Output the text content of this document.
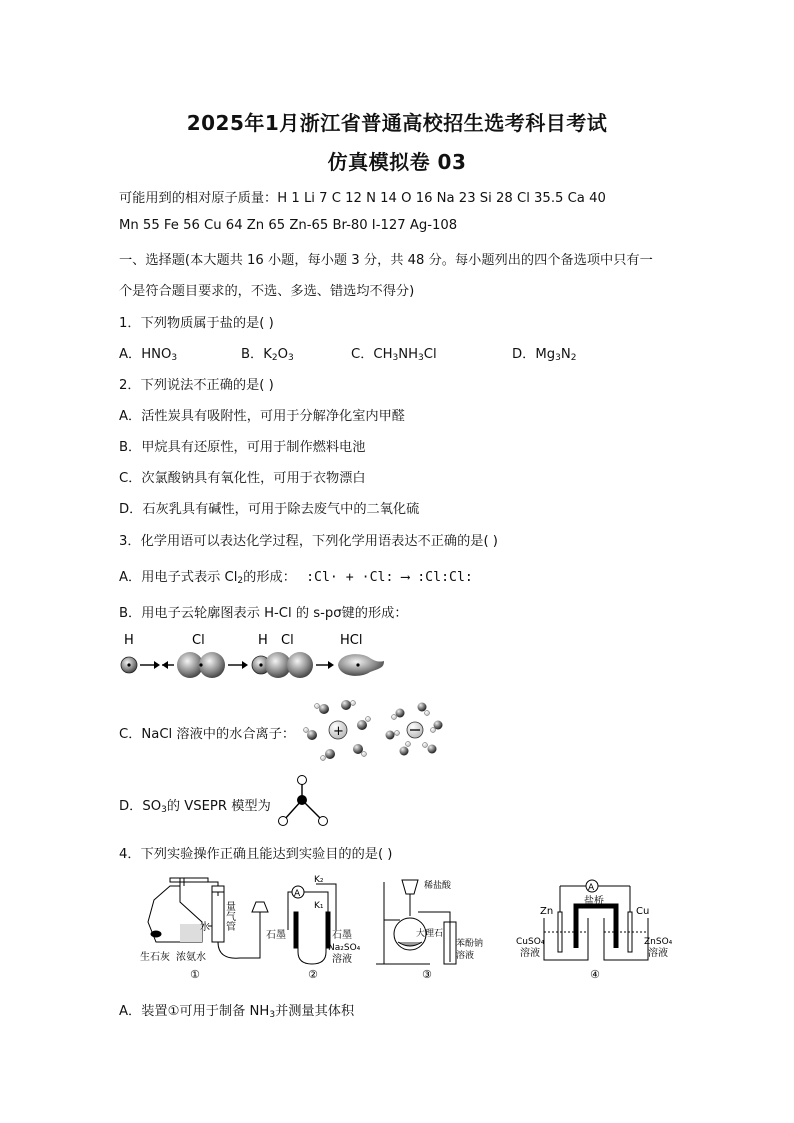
2025年1月浙江省普通高校招生选考科目考试
仿真模拟卷 03
可能用到的相对原子质量：H 1 Li 7 C 12 N 14 O 16 Na 23 Si 28 Cl 35.5 Ca 40
Mn 55 Fe 56 Cu 64 Zn 65 Zn-65 Br-80 I-127 Ag-108
一、选择题(本大题共 16 小题，每小题 3 分，共 48 分。每小题列出的四个备选项中只有一
个是符合题目要求的，不选、多选、错选均不得分)
1．下列物质属于盐的是( )
A．$HNO_3$	B．$K_2O_3$	C．$CH_3NH_3Cl$	D．$Mg_3N_2$
2．下列说法不正确的是( )
A．活性炭具有吸附性，可用于分解净化室内甲醛
B．甲烷具有还原性，可用于制作燃料电池
C．次氯酸钠具有氧化性，可用于衣物漂白
D．石灰乳具有碱性，可用于除去废气中的二氧化硫
3．化学用语可以表达化学过程，下列化学用语表达不正确的是( )
A．用电子式表示 $Cl_2$的形成： :Cl· + ·Cl: ⟶ :Cl:Cl:
B．用电子云轮廓图表示 H-Cl 的 s-pσ键的形成：
H	Cl	H Cl	HCl
C．NaCl 溶液中的水合离子：	+
D．$SO_3$的 VSEPR 模型为
4．下列实验操作正确且能达到实验目的的是( )
量
气
管
水
生石灰 浓氨水
①
A
K₂
K₁
石墨	石墨
Na₂SO₄
溶液
②
稀盐酸
大理石
苯酚钠
溶液
③
A
盐桥
Zn	Cu
CuSO₄
溶液
ZnSO₄
溶液
④
A．装置①可用于制备 $NH_3$并测量其体积
